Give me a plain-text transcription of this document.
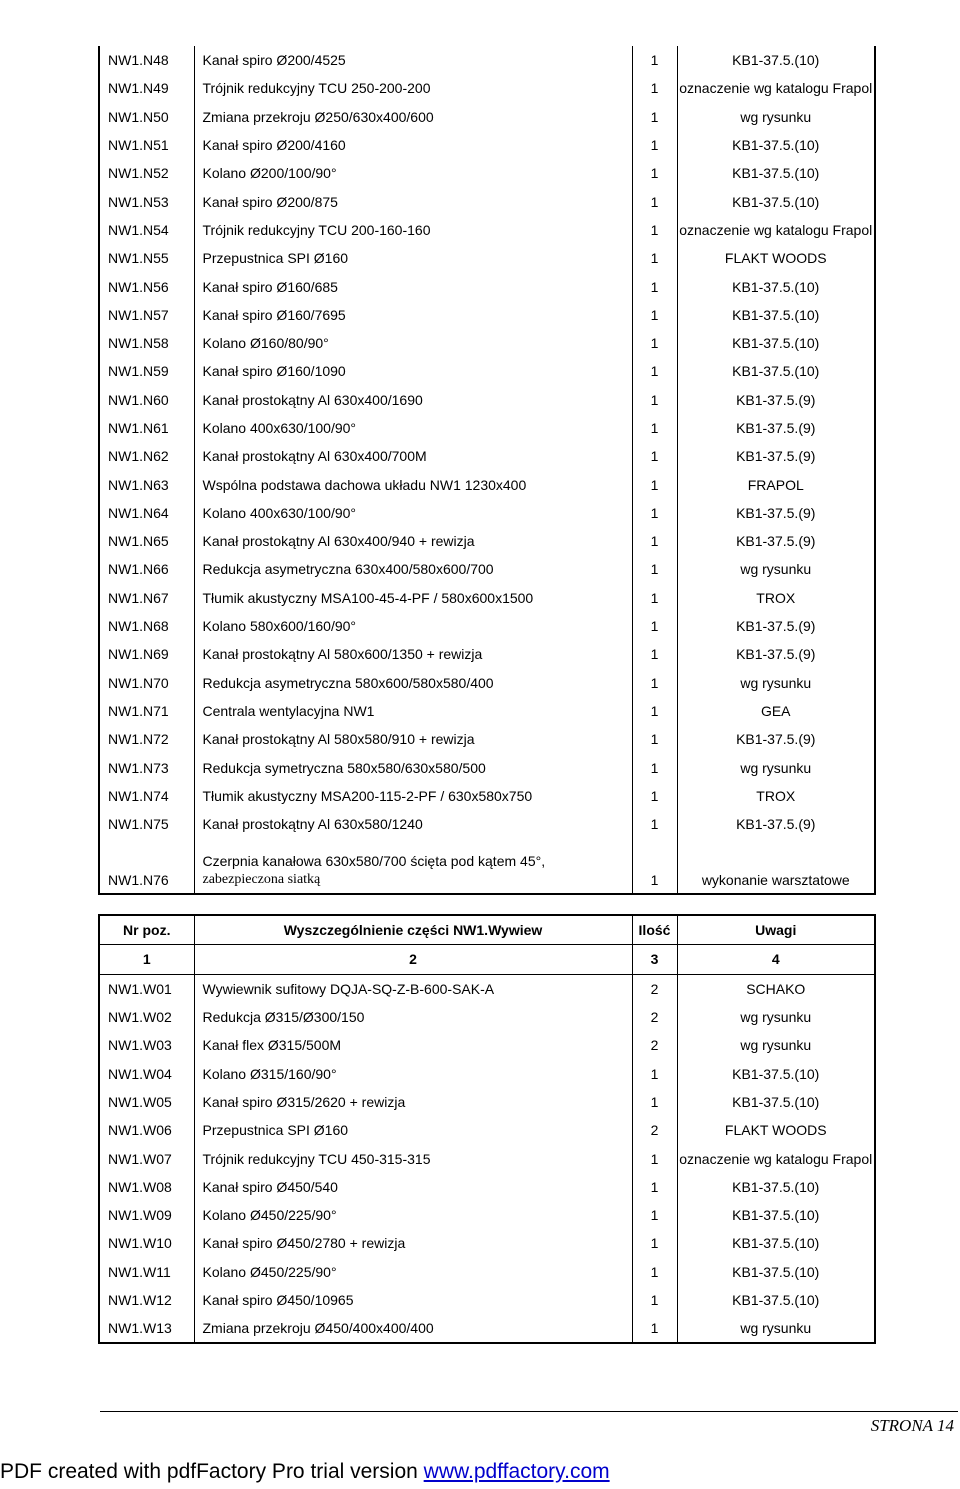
NW1.N48	Kanał spiro Ø200/4525	1	KB1-37.5.(10)
NW1.N49	Trójnik redukcyjny TCU 250-200-200	1	oznaczenie wg katalogu Frapol
NW1.N50	Zmiana przekroju Ø250/630x400/600	1	wg rysunku
NW1.N51	Kanał spiro Ø200/4160	1	KB1-37.5.(10)
NW1.N52	Kolano Ø200/100/90°	1	KB1-37.5.(10)
NW1.N53	Kanał spiro Ø200/875	1	KB1-37.5.(10)
NW1.N54	Trójnik redukcyjny TCU 200-160-160	1	oznaczenie wg katalogu Frapol
NW1.N55	Przepustnica SPI Ø160	1	FLAKT WOODS
NW1.N56	Kanał spiro Ø160/685	1	KB1-37.5.(10)
NW1.N57	Kanał spiro Ø160/7695	1	KB1-37.5.(10)
NW1.N58	Kolano Ø160/80/90°	1	KB1-37.5.(10)
NW1.N59	Kanał spiro Ø160/1090	1	KB1-37.5.(10)
NW1.N60	Kanał prostokątny Al 630x400/1690	1	KB1-37.5.(9)
NW1.N61	Kolano 400x630/100/90°	1	KB1-37.5.(9)
NW1.N62	Kanał prostokątny Al 630x400/700M	1	KB1-37.5.(9)
NW1.N63	Wspólna podstawa dachowa układu NW1 1230x400	1	FRAPOL
NW1.N64	Kolano 400x630/100/90°	1	KB1-37.5.(9)
NW1.N65	Kanał prostokątny Al 630x400/940 + rewizja	1	KB1-37.5.(9)
NW1.N66	Redukcja asymetryczna 630x400/580x600/700	1	wg rysunku
NW1.N67	Tłumik akustyczny MSA100-45-4-PF / 580x600x1500	1	TROX
NW1.N68	Kolano 580x600/160/90°	1	KB1-37.5.(9)
NW1.N69	Kanał prostokątny Al 580x600/1350 + rewizja	1	KB1-37.5.(9)
NW1.N70	Redukcja asymetryczna 580x600/580x580/400	1	wg rysunku
NW1.N71	Centrala wentylacyjna NW1	1	GEA
NW1.N72	Kanał prostokątny Al 580x580/910 + rewizja	1	KB1-37.5.(9)
NW1.N73	Redukcja symetryczna 580x580/630x580/500	1	wg rysunku
NW1.N74	Tłumik akustyczny MSA200-115-2-PF / 630x580x750	1	TROX
NW1.N75	Kanał prostokątny Al 630x580/1240	1	KB1-37.5.(9)
NW1.N76	Czerpnia kanałowa 630x580/700 ścięta pod kątem 45°,
zabezpieczona siatką	1	wykonanie warsztatowe
Nr poz.	Wyszczególnienie części NW1.Wywiew	Ilość	Uwagi
1	2	3	4
NW1.W01	Wywiewnik sufitowy DQJA-SQ-Z-B-600-SAK-A	2	SCHAKO
NW1.W02	Redukcja Ø315/Ø300/150	2	wg rysunku
NW1.W03	Kanał flex Ø315/500M	2	wg rysunku
NW1.W04	Kolano Ø315/160/90°	1	KB1-37.5.(10)
NW1.W05	Kanał spiro Ø315/2620 + rewizja	1	KB1-37.5.(10)
NW1.W06	Przepustnica SPI Ø160	2	FLAKT WOODS
NW1.W07	Trójnik redukcyjny TCU 450-315-315	1	oznaczenie wg katalogu Frapol
NW1.W08	Kanał spiro Ø450/540	1	KB1-37.5.(10)
NW1.W09	Kolano Ø450/225/90°	1	KB1-37.5.(10)
NW1.W10	Kanał spiro Ø450/2780 + rewizja	1	KB1-37.5.(10)
NW1.W11	Kolano Ø450/225/90°	1	KB1-37.5.(10)
NW1.W12	Kanał spiro Ø450/10965	1	KB1-37.5.(10)
NW1.W13	Zmiana przekroju Ø450/400x400/400	1	wg rysunku
STRONA 14
PDF created with pdfFactory Pro trial version www.pdffactory.com
